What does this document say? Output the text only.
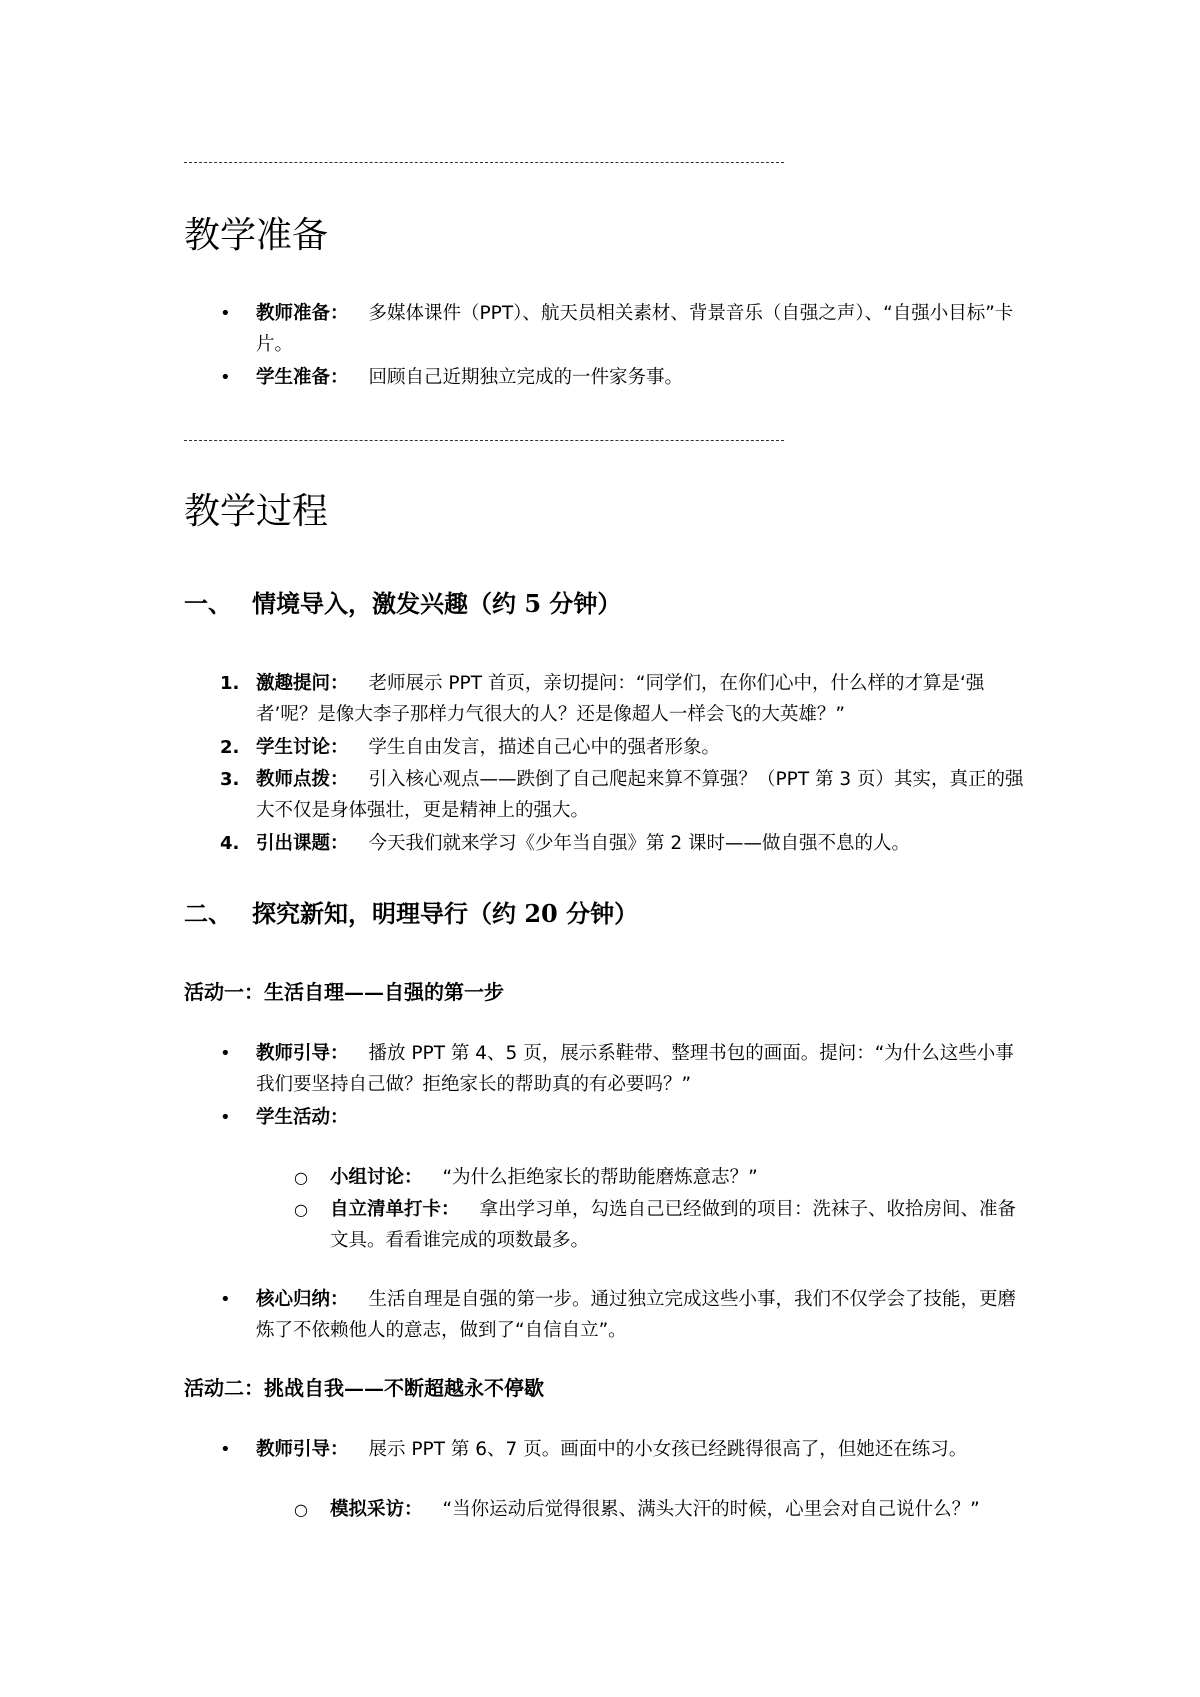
教学准备
• 教师准备： 多媒体课件（PPT）、航天员相关素材、背景音乐（自强之声）、“自强小目标”卡片。
• 学生准备： 回顾自己近期独立完成的一件家务事。
教学过程
一、 情境导入，激发兴趣（约 5 分钟）
1. 激趣提问： 老师展示 PPT 首页，亲切提问：“同学们，在你们心中，什么样的才算是‘强者’呢？是像大李子那样力气很大的人？还是像超人一样会飞的大英雄？”
2. 学生讨论： 学生自由发言，描述自己心中的强者形象。
3. 教师点拨： 引入核心观点——跌倒了自己爬起来算不算强？（PPT 第 3 页）其实，真正的强大不仅是身体强壮，更是精神上的强大。
4. 引出课题： 今天我们就来学习《少年当自强》第 2 课时——做自强不息的人。
二、 探究新知，明理导行（约 20 分钟）
活动一：生活自理——自强的第一步
• 教师引导： 播放 PPT 第 4、5 页，展示系鞋带、整理书包的画面。提问：“为什么这些小事我们要坚持自己做？拒绝家长的帮助真的有必要吗？”
• 学生活动：
○ 小组讨论： “为什么拒绝家长的帮助能磨炼意志？”
○ 自立清单打卡： 拿出学习单，勾选自己已经做到的项目：洗袜子、收拾房间、准备文具。看看谁完成的项数最多。
• 核心归纳： 生活自理是自强的第一步。通过独立完成这些小事，我们不仅学会了技能，更磨炼了不依赖他人的意志，做到了“自信自立”。
活动二：挑战自我——不断超越永不停歇
• 教师引导： 展示 PPT 第 6、7 页。画面中的小女孩已经跳得很高了，但她还在练习。
○ 模拟采访： “当你运动后觉得很累、满头大汗的时候，心里会对自己说什么？”
